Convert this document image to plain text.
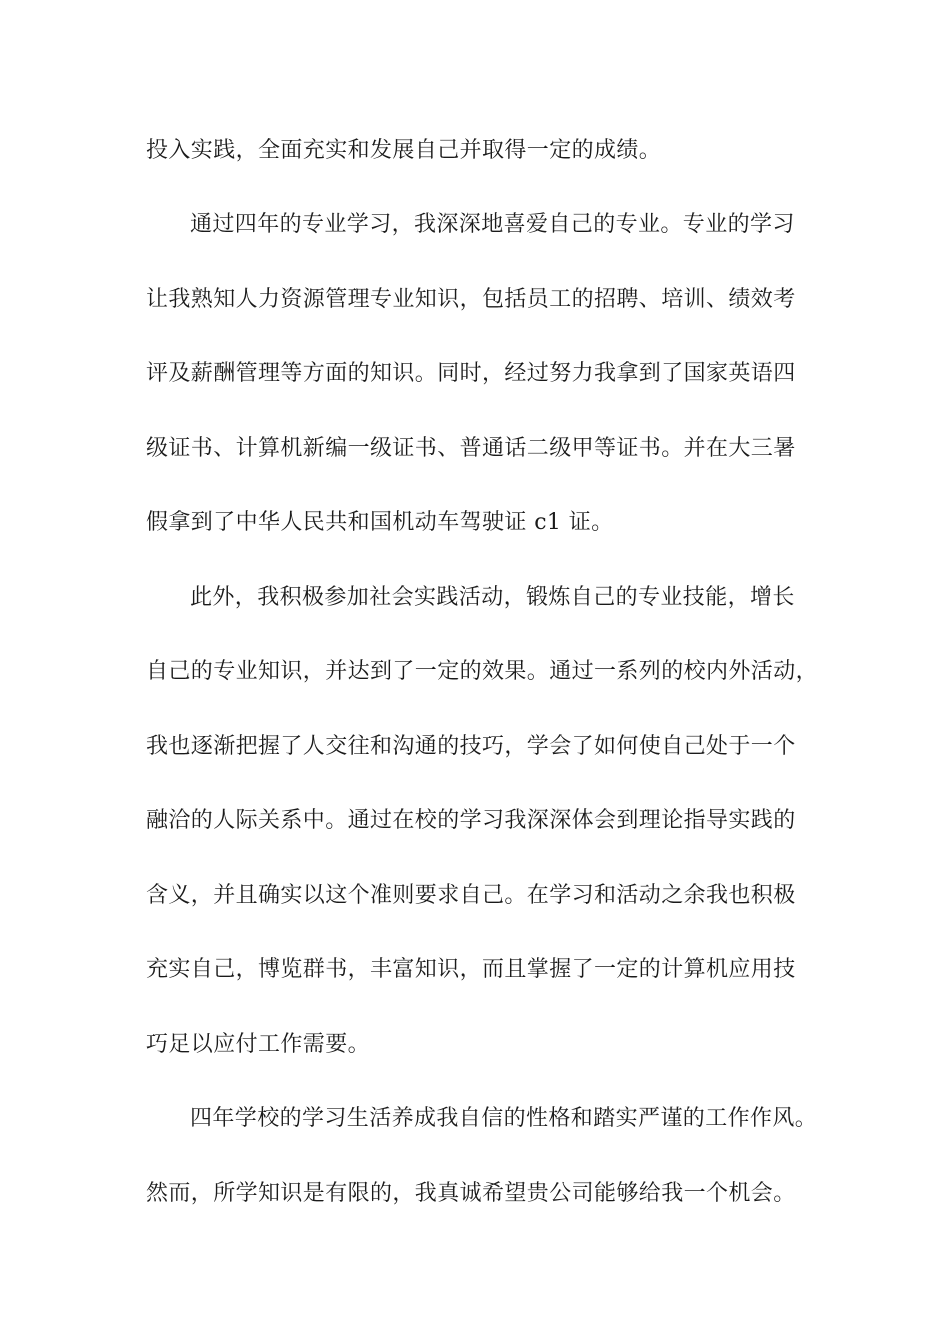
投入实践，全面充实和发展自己并取得一定的成绩。
通过四年的专业学习，我深深地喜爱自己的专业。专业的学习
让我熟知人力资源管理专业知识，包括员工的招聘、培训、绩效考
评及薪酬管理等方面的知识。同时，经过努力我拿到了国家英语四
级证书、计算机新编一级证书、普通话二级甲等证书。并在大三暑
假拿到了中华人民共和国机动车驾驶证 c1 证。
此外，我积极参加社会实践活动，锻炼自己的专业技能，增长
自己的专业知识，并达到了一定的效果。通过一系列的校内外活动，
我也逐渐把握了人交往和沟通的技巧，学会了如何使自己处于一个
融洽的人际关系中。通过在校的学习我深深体会到理论指导实践的
含义，并且确实以这个准则要求自己。在学习和活动之余我也积极
充实自己，博览群书，丰富知识，而且掌握了一定的计算机应用技
巧足以应付工作需要。
四年学校的学习生活养成我自信的性格和踏实严谨的工作作风。
然而，所学知识是有限的，我真诚希望贵公司能够给我一个机会。
